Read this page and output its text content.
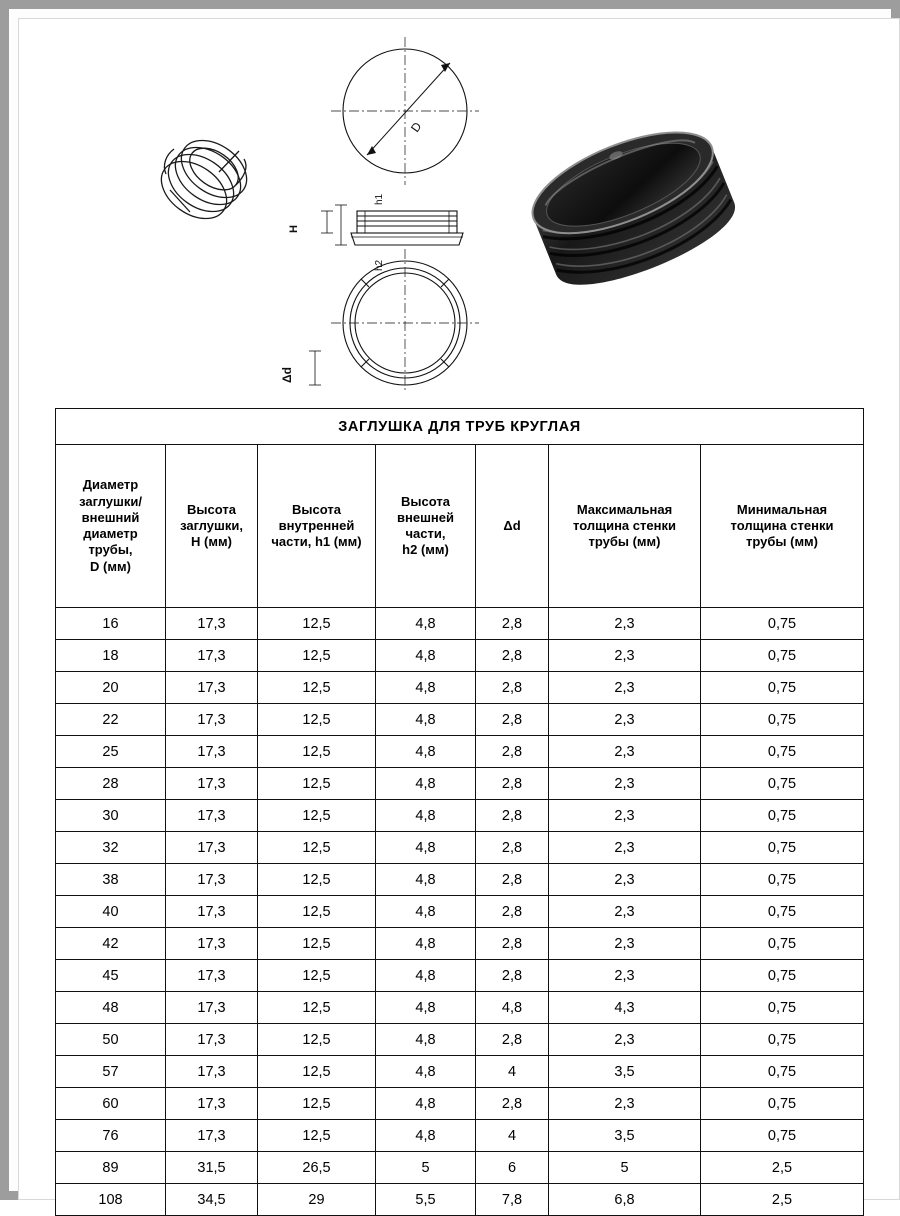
H
h1
h2
D
Δd
ЗАГЛУШКА ДЛЯ ТРУБ КРУГЛАЯ						
Диаметр
заглушки/
внешний
диаметр
трубы,
D (мм)	Высота
заглушки,
H (мм)	Высота
внутренней
части, h1 (мм)	Высота
внешней
части,
h2 (мм)	Δd	Максимальная
толщина стенки
трубы (мм)	Минимальная
толщина стенки
трубы (мм)
16	17,3	12,5	4,8	2,8	2,3	0,75
18	17,3	12,5	4,8	2,8	2,3	0,75
20	17,3	12,5	4,8	2,8	2,3	0,75
22	17,3	12,5	4,8	2,8	2,3	0,75
25	17,3	12,5	4,8	2,8	2,3	0,75
28	17,3	12,5	4,8	2,8	2,3	0,75
30	17,3	12,5	4,8	2,8	2,3	0,75
32	17,3	12,5	4,8	2,8	2,3	0,75
38	17,3	12,5	4,8	2,8	2,3	0,75
40	17,3	12,5	4,8	2,8	2,3	0,75
42	17,3	12,5	4,8	2,8	2,3	0,75
45	17,3	12,5	4,8	2,8	2,3	0,75
48	17,3	12,5	4,8	4,8	4,3	0,75
50	17,3	12,5	4,8	2,8	2,3	0,75
57	17,3	12,5	4,8	4	3,5	0,75
60	17,3	12,5	4,8	2,8	2,3	0,75
76	17,3	12,5	4,8	4	3,5	0,75
89	31,5	26,5	5	6	5	2,5
108	34,5	29	5,5	7,8	6,8	2,5
